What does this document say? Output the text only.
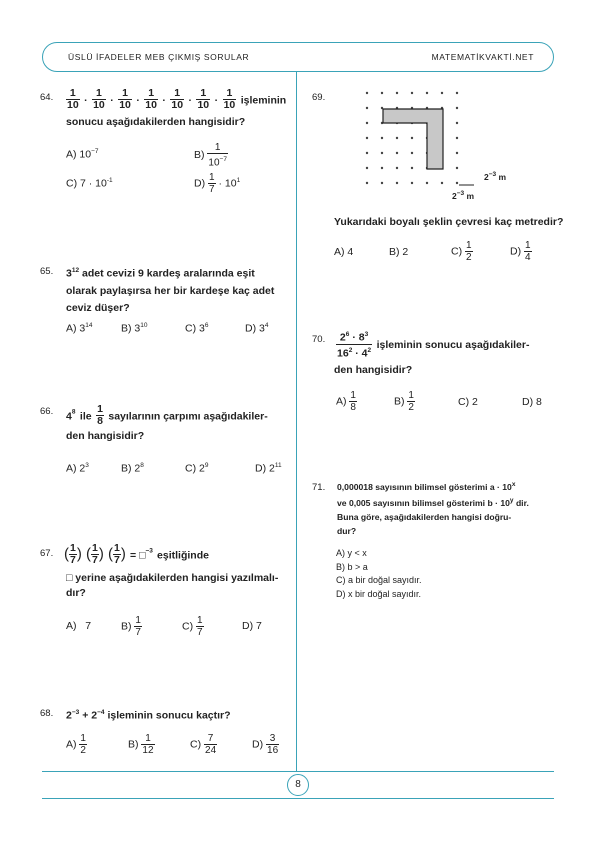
ÜSLÜ İFADELER MEB ÇIKMIŞ SORULAR	MATEMATİKVAKTİ.NET
8
64. $\frac{1}{10} \cdot \frac{1}{10} \cdot \frac{1}{10} \cdot \frac{1}{10} \cdot \frac{1}{10} \cdot \frac{1}{10} \cdot \frac{1}{10}$ işleminin
sonucu aşağıdakilerden hangisidir?
A) $10^{-7}$	$B) \frac{1}{10^{-7}}$
C) $7 \cdot 10^{-1}$	$D) \frac{1}{7} \cdot 10^1$
65. $3^{12}$ adet cevizi 9 kardeş aralarında eşit olarak paylaşırsa her bir kardeşe kaç adet ceviz düşer?
A) $3^{14}$	B) $3^{10}$	C) $3^6$	D) $3^4$
66. $4^8$ ile $\frac{1}{8}$ sayılarının çarpımı aşağıdakiler-
den hangisidir?
A) $2^3$	B) $2^8$	C) $2^9$	D) $2^{11}$
67. ( $\frac{1}{7}$ ) ( $\frac{1}{7}$ ) ( $\frac{1}{7}$ ) = □$^{-3}$ eşitliğinde
□ yerine aşağıdakilerden hangisi yazılmalı-
dır?
A) 7	$B) \frac{1}{7}$	$C) \frac{1}{7}$	D) 7
68. $2^{-3} + 2^{-4}$ işleminin sonucu kaçtır?
$A) \frac{1}{2}$	$B) \frac{1}{12}$	$C) \frac{7}{24}$	$D) \frac{3}{16}$
69.
$2^{-3}$ m
$2^{-3}$ m
Yukarıdaki boyalı şeklin çevresi kaç metredir?
A) 4	B) 2	$C) \frac{1}{2}$	$D) \frac{1}{4}$
70. $\frac{2^6 \cdot 8^3}{16^2 \cdot 4^2}$ işleminin sonucu aşağıdakiler-
den hangisidir?
$A) \frac{1}{8}$	$B) \frac{1}{2}$	C) 2	D) 8
71. 0,000018 sayısının bilimsel gösterimi $a \cdot 10^x$
ve 0,005 sayısının bilimsel gösterimi $b \cdot 10^y$ dir.
Buna göre, aşağıdakilerden hangisi doğru-
dur?
A) y < x
B) b > a
C) a bir doğal sayıdır.
D) x bir doğal sayıdır.
